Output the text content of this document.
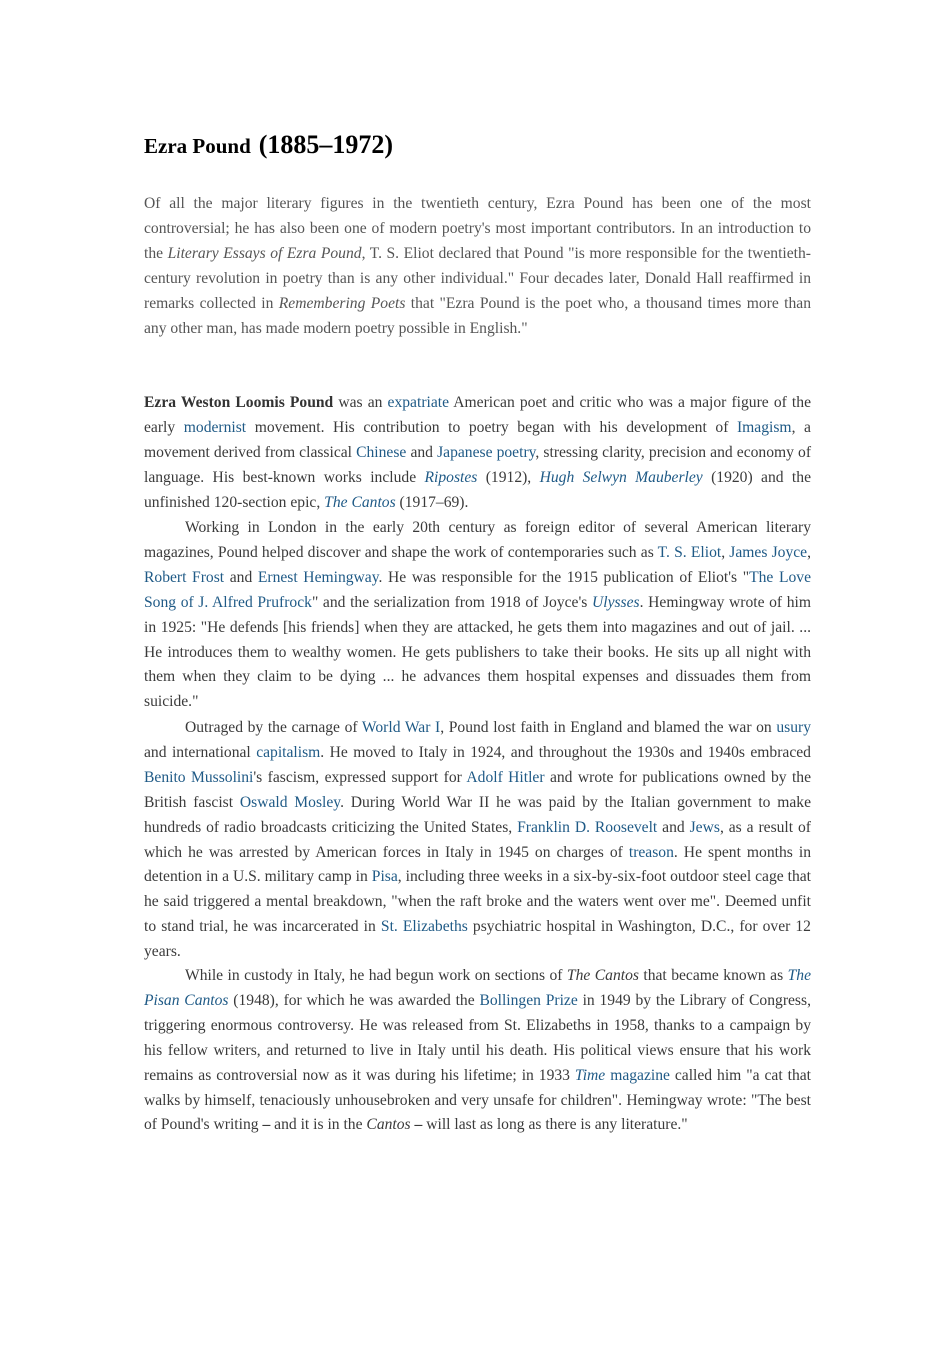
Ezra Pound (1885–1972)

Of all the major literary figures in the twentieth century, Ezra Pound has been one of the most controversial; he has also been one of modern poetry's most important contributors. In an introduction to the Literary Essays of Ezra Pound, T. S. Eliot declared that Pound "is more responsible for the twentieth-century revolution in poetry than is any other individual." Four decades later, Donald Hall reaffirmed in remarks collected in Remembering Poets that "Ezra Pound is the poet who, a thousand times more than any other man, has made modern poetry possible in English."

Ezra Weston Loomis Pound was an expatriate American poet and critic who was a major figure of the early modernist movement. His contribution to poetry began with his development of Imagism, a movement derived from classical Chinese and Japanese poetry, stressing clarity, precision and economy of language. His best-known works include Ripostes (1912), Hugh Selwyn Mauberley (1920) and the unfinished 120-section epic, The Cantos (1917–69).

Working in London in the early 20th century as foreign editor of several American literary magazines, Pound helped discover and shape the work of contemporaries such as T. S. Eliot, James Joyce, Robert Frost and Ernest Hemingway. He was responsible for the 1915 publication of Eliot's "The Love Song of J. Alfred Prufrock" and the serialization from 1918 of Joyce's Ulysses. Hemingway wrote of him in 1925: "He defends [his friends] when they are attacked, he gets them into magazines and out of jail. ... He introduces them to wealthy women. He gets publishers to take their books. He sits up all night with them when they claim to be dying ... he advances them hospital expenses and dissuades them from suicide."

Outraged by the carnage of World War I, Pound lost faith in England and blamed the war on usury and international capitalism. He moved to Italy in 1924, and throughout the 1930s and 1940s embraced Benito Mussolini's fascism, expressed support for Adolf Hitler and wrote for publications owned by the British fascist Oswald Mosley. During World War II he was paid by the Italian government to make hundreds of radio broadcasts criticizing the United States, Franklin D. Roosevelt and Jews, as a result of which he was arrested by American forces in Italy in 1945 on charges of treason. He spent months in detention in a U.S. military camp in Pisa, including three weeks in a six-by-six-foot outdoor steel cage that he said triggered a mental breakdown, "when the raft broke and the waters went over me". Deemed unfit to stand trial, he was incarcerated in St. Elizabeths psychiatric hospital in Washington, D.C., for over 12 years.

While in custody in Italy, he had begun work on sections of The Cantos that became known as The Pisan Cantos (1948), for which he was awarded the Bollingen Prize in 1949 by the Library of Congress, triggering enormous controversy. He was released from St. Elizabeths in 1958, thanks to a campaign by his fellow writers, and returned to live in Italy until his death. His political views ensure that his work remains as controversial now as it was during his lifetime; in 1933 Time magazine called him "a cat that walks by himself, tenaciously unhousebroken and very unsafe for children". Hemingway wrote: "The best of Pound's writing – and it is in the Cantos – will last as long as there is any literature."
